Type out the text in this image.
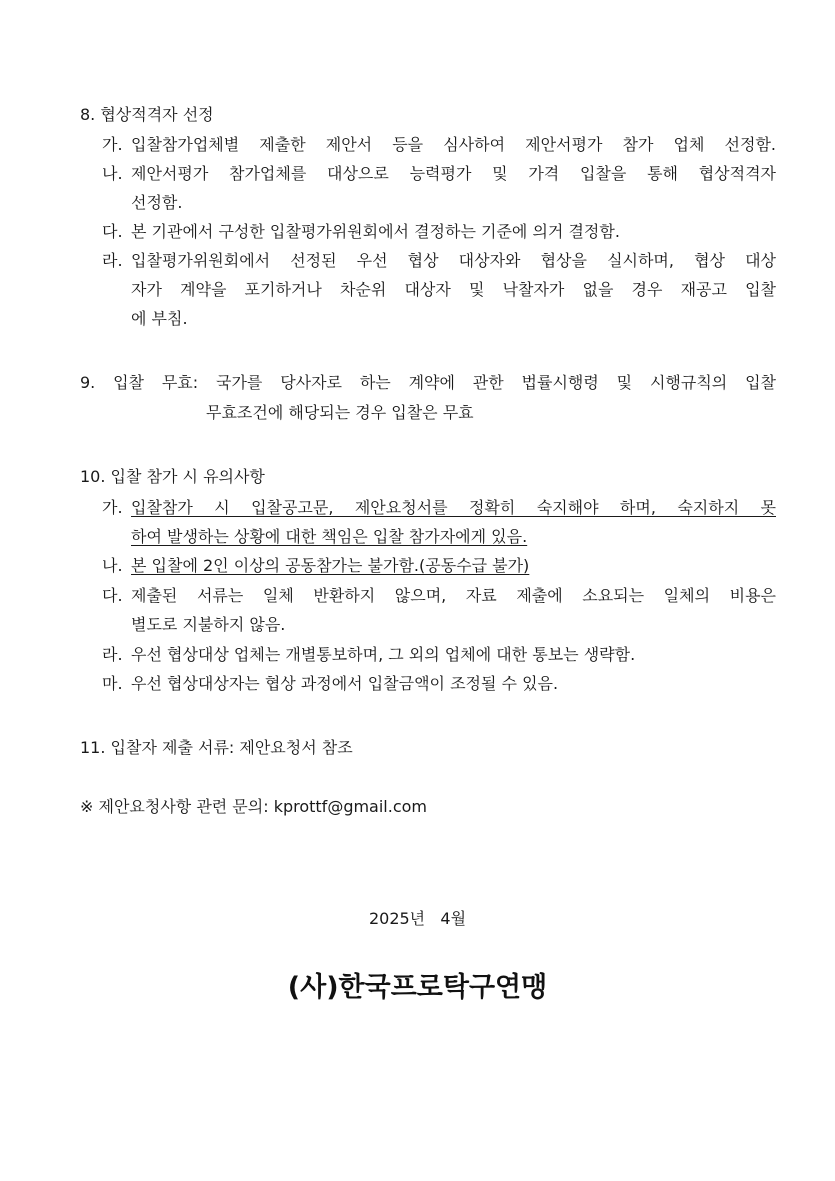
8. 협상적격자 선정
가. 입찰참가업체별 제출한 제안서 등을 심사하여 제안서평가 참가 업체 선정함.
나. 제안서평가 참가업체를 대상으로 능력평가 및 가격 입찰을 통해 협상적격자
선정함.
다. 본 기관에서 구성한 입찰평가위원회에서 결정하는 기준에 의거 결정함.
라. 입찰평가위원회에서 선정된 우선 협상 대상자와 협상을 실시하며, 협상 대상
자가 계약을 포기하거나 차순위 대상자 및 낙찰자가 없을 경우 재공고 입찰
에 부침.
9. 입찰 무효: 국가를 당사자로 하는 계약에 관한 법률시행령 및 시행규칙의 입찰
무효조건에 해당되는 경우 입찰은 무효
10. 입찰 참가 시 유의사항
가. 입찰참가 시 입찰공고문, 제안요청서를 정확히 숙지해야 하며, 숙지하지 못
하여 발생하는 상황에 대한 책임은 입찰 참가자에게 있음.
나. 본 입찰에 2인 이상의 공동참가는 불가함.(공동수급 불가)
다. 제출된 서류는 일체 반환하지 않으며, 자료 제출에 소요되는 일체의 비용은
별도로 지불하지 않음.
라. 우선 협상대상 업체는 개별통보하며, 그 외의 업체에 대한 통보는 생략함.
마. 우선 협상대상자는 협상 과정에서 입찰금액이 조정될 수 있음.
11. 입찰자 제출 서류: 제안요청서 참조
※ 제안요청사항 관련 문의: kprottf@gmail.com
2025년   4월
(사)한국프로탁구연맹
